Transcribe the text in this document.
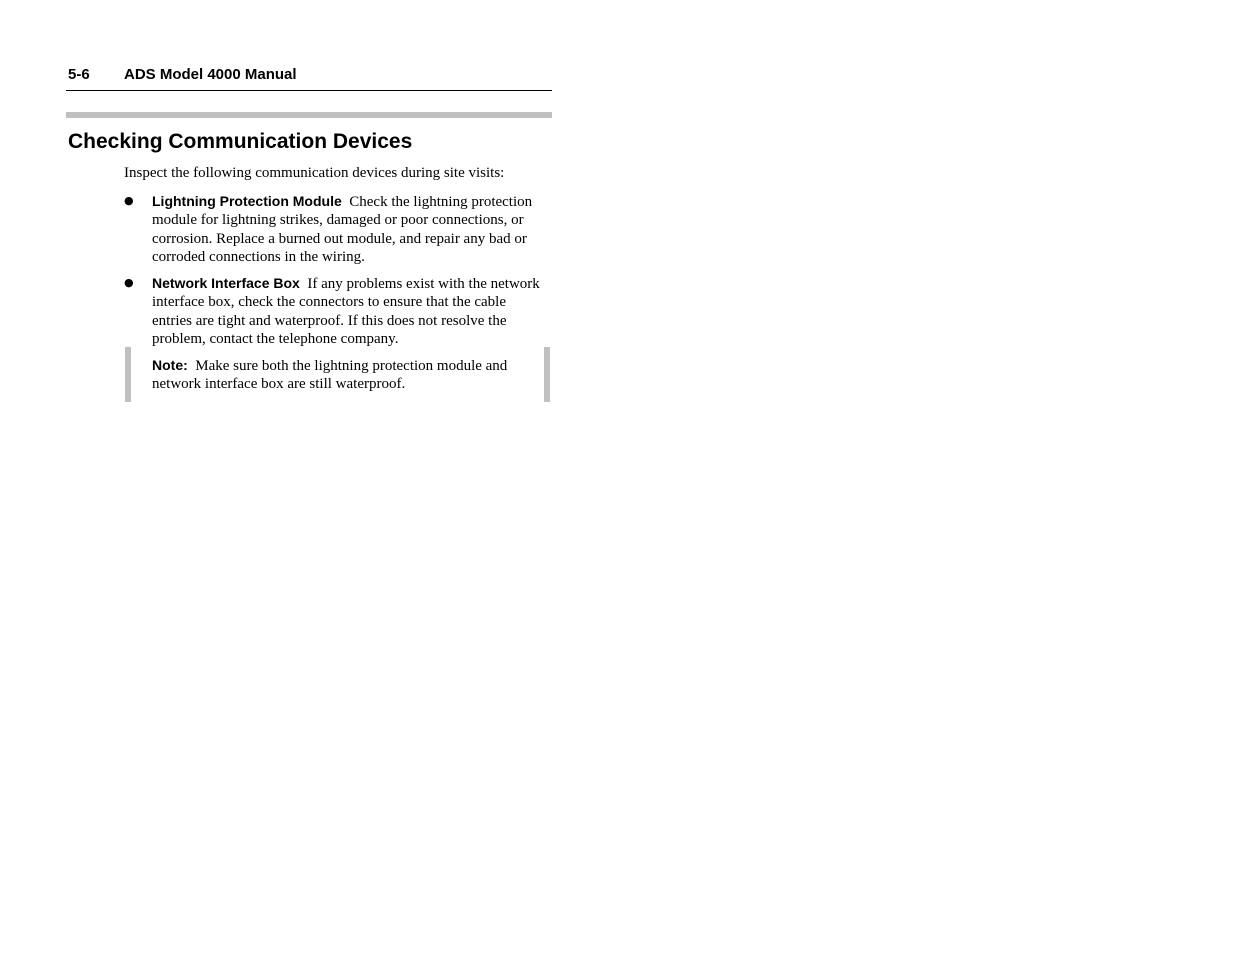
5-6 ADS Model 4000 Manual
Checking Communication Devices
Inspect the following communication devices during site visits:
● Lightning Protection Module Check the lightning protection module for lightning strikes, damaged or poor connections, or corrosion. Replace a burned out module, and repair any bad or corroded connections in the wiring.
● Network Interface Box If any problems exist with the network interface box, check the connectors to ensure that the cable entries are tight and waterproof. If this does not resolve the problem, contact the telephone company.
Note: Make sure both the lightning protection module and network interface box are still waterproof.
